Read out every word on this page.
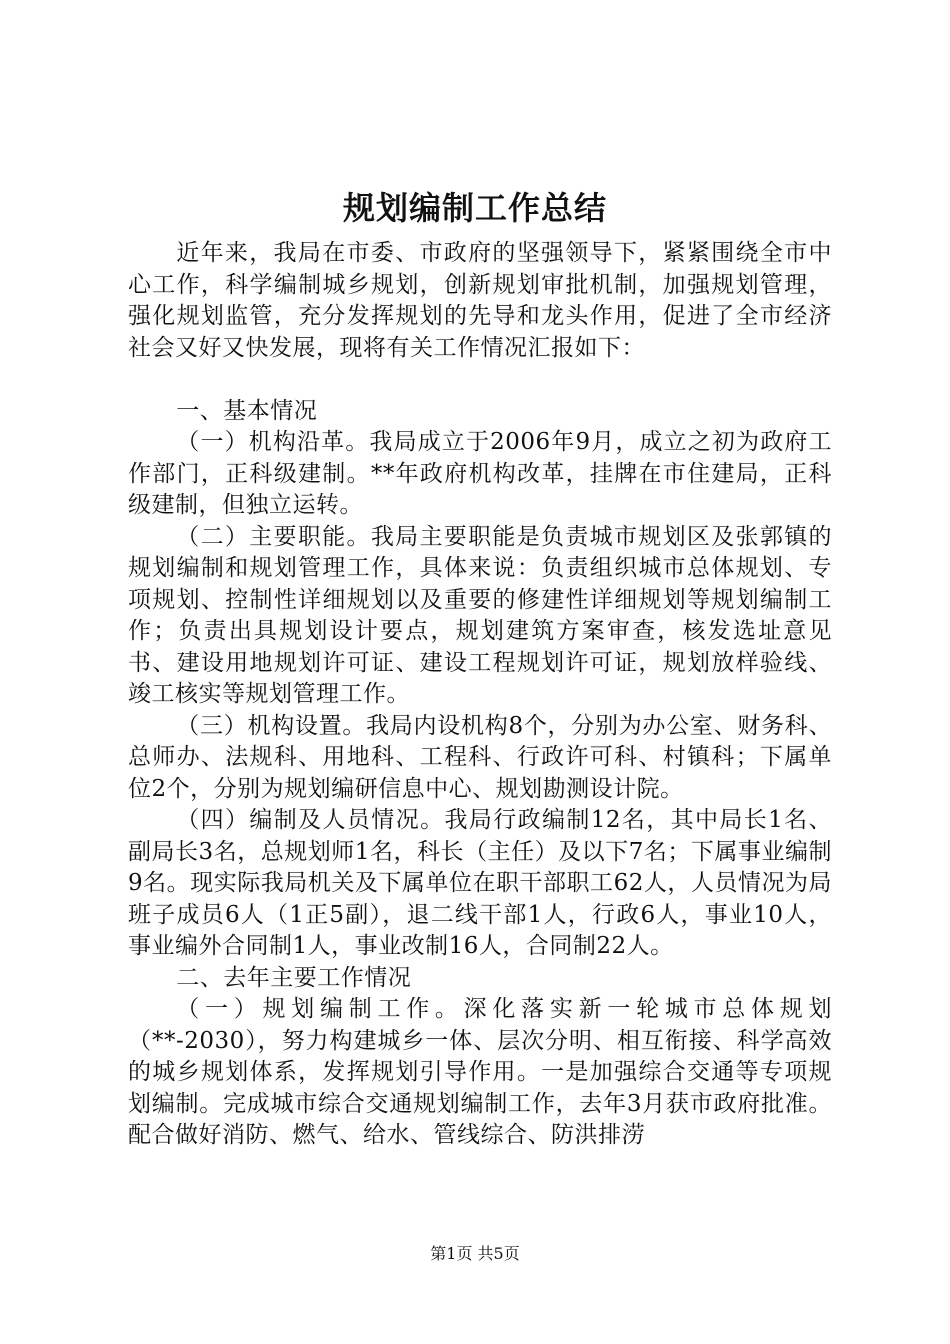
规划编制工作总结

近年来，我局在市委、市政府的坚强领导下，紧紧围绕全市中心工作，科学编制城乡规划，创新规划审批机制，加强规划管理，强化规划监管，充分发挥规划的先导和龙头作用，促进了全市经济社会又好又快发展，现将有关工作情况汇报如下：

一、基本情况

（一）机构沿革。我局成立于2006年9月，成立之初为政府工作部门，正科级建制。**年政府机构改革，挂牌在市住建局，正科级建制，但独立运转。

（二）主要职能。我局主要职能是负责城市规划区及张郭镇的规划编制和规划管理工作，具体来说：负责组织城市总体规划、专项规划、控制性详细规划以及重要的修建性详细规划等规划编制工作；负责出具规划设计要点，规划建筑方案审查，核发选址意见书、建设用地规划许可证、建设工程规划许可证，规划放样验线、竣工核实等规划管理工作。

（三）机构设置。我局内设机构8个，分别为办公室、财务科、总师办、法规科、用地科、工程科、行政许可科、村镇科；下属单位2个，分别为规划编研信息中心、规划勘测设计院。

（四）编制及人员情况。我局行政编制12名，其中局长1名、副局长3名，总规划师1名，科长（主任）及以下7名；下属事业编制9名。现实际我局机关及下属单位在职干部职工62人，人员情况为局班子成员6人（1正5副），退二线干部1人，行政6人，事业10人，事业编外合同制1人，事业改制16人，合同制22人。

二、去年主要工作情况

（一）规划编制工作。深化落实新一轮城市总体规划（**-2030），努力构建城乡一体、层次分明、相互衔接、科学高效的城乡规划体系，发挥规划引导作用。一是加强综合交通等专项规划编制。完成城市综合交通规划编制工作，去年3月获市政府批准。配合做好消防、燃气、给水、管线综合、防洪排涝

第1页 共5页
